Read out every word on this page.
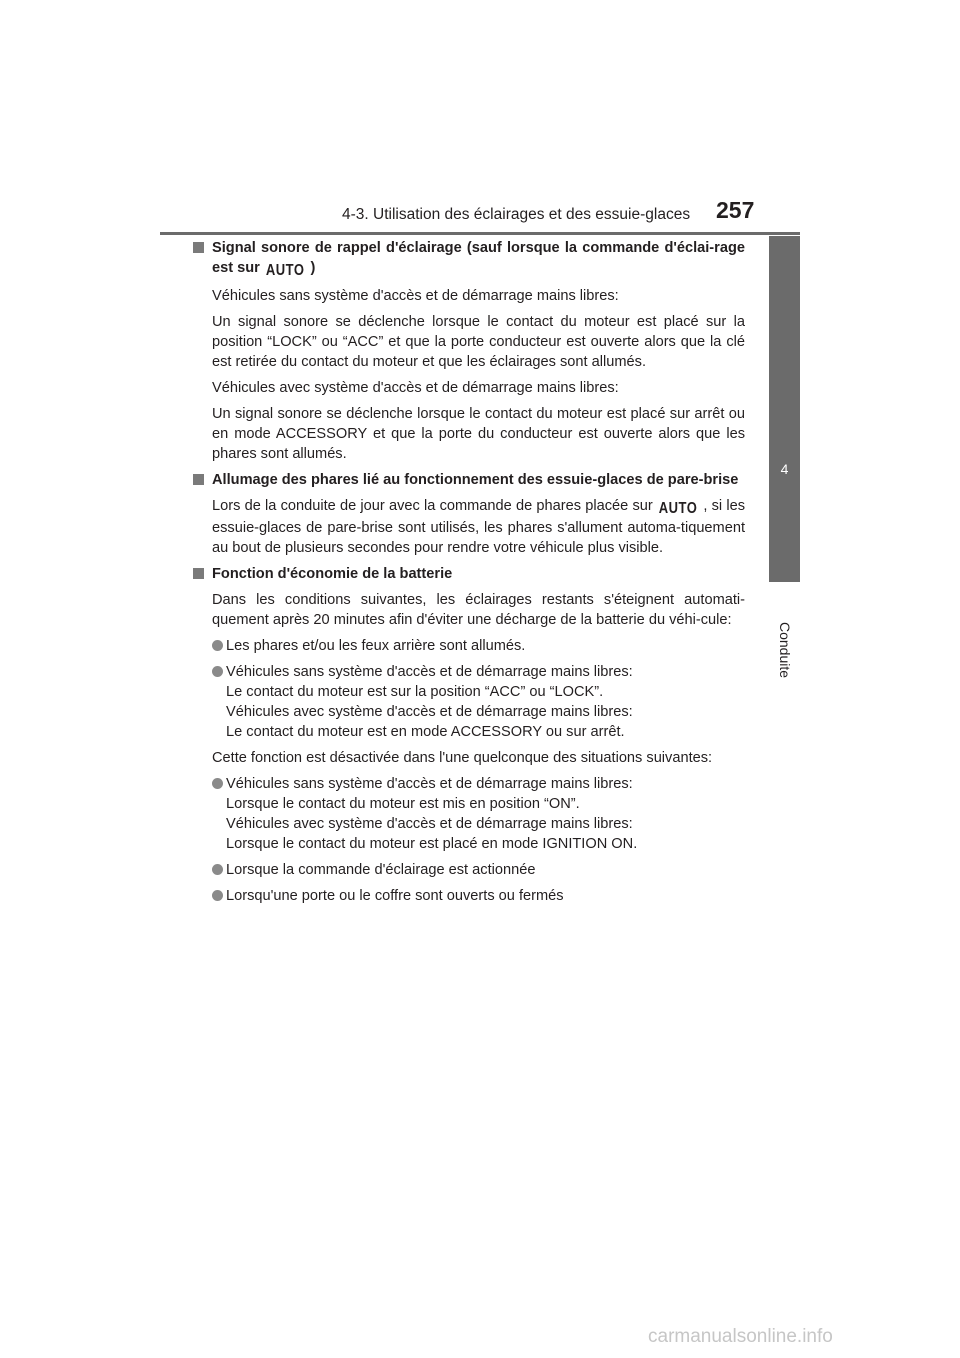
4-3. Utilisation des éclairages et des essuie-glaces 257
4
Conduite
Signal sonore de rappel d'éclairage (sauf lorsque la commande d'éclai-rage est sur AUTO )

Véhicules sans système d'accès et de démarrage mains libres:

Un signal sonore se déclenche lorsque le contact du moteur est placé sur la position “LOCK” ou “ACC” et que la porte conducteur est ouverte alors que la clé est retirée du contact du moteur et que les éclairages sont allumés.

Véhicules avec système d'accès et de démarrage mains libres:

Un signal sonore se déclenche lorsque le contact du moteur est placé sur arrêt ou en mode ACCESSORY et que la porte du conducteur est ouverte alors que les phares sont allumés.

Allumage des phares lié au fonctionnement des essuie-glaces de pare-brise

Lors de la conduite de jour avec la commande de phares placée sur AUTO , si les essuie-glaces de pare-brise sont utilisés, les phares s'allument automa-tiquement au bout de plusieurs secondes pour rendre votre véhicule plus visible.

Fonction d'économie de la batterie

Dans les conditions suivantes, les éclairages restants s'éteignent automati-quement après 20 minutes afin d'éviter une décharge de la batterie du véhi-cule:

Les phares et/ou les feux arrière sont allumés.
Véhicules sans système d'accès et de démarrage mains libres:
Le contact du moteur est sur la position “ACC” ou “LOCK”.
Véhicules avec système d'accès et de démarrage mains libres:
Le contact du moteur est en mode ACCESSORY ou sur arrêt.

Cette fonction est désactivée dans l'une quelconque des situations suivantes:

Véhicules sans système d'accès et de démarrage mains libres:
Lorsque le contact du moteur est mis en position “ON”.
Véhicules avec système d'accès et de démarrage mains libres:
Lorsque le contact du moteur est placé en mode IGNITION ON.
Lorsque la commande d'éclairage est actionnée
Lorsqu'une porte ou le coffre sont ouverts ou fermés
carmanualsonline.info
